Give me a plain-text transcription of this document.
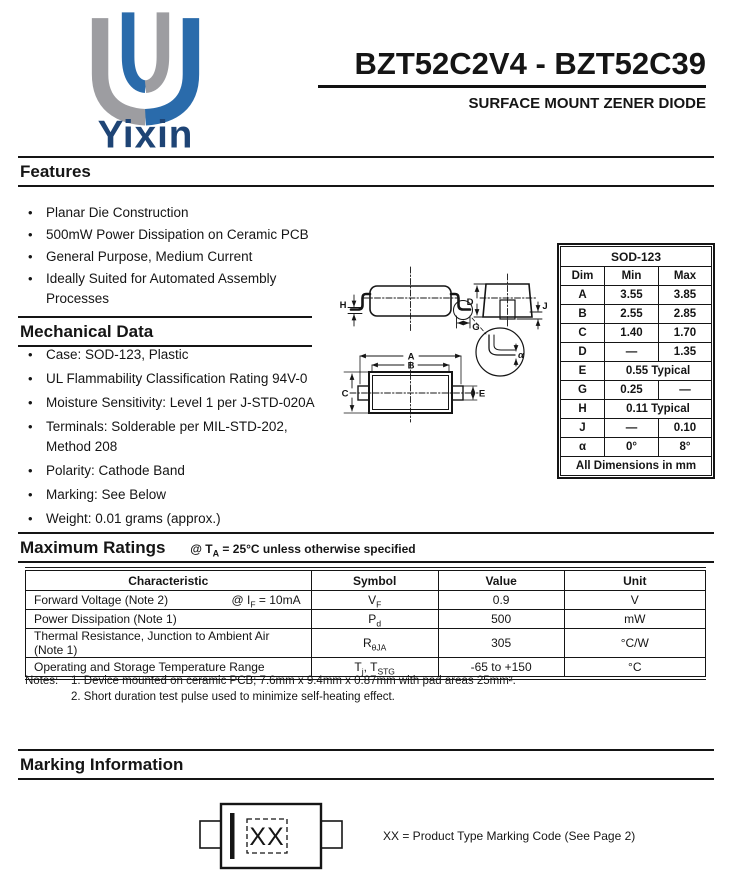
Yixin
BZT52C2V4 - BZT52C39
SURFACE MOUNT ZENER DIODE
Features
• Planar Die Construction
• 500mW Power Dissipation on Ceramic PCB
• General Purpose, Medium Current
• Ideally Suited for Automated Assembly Processes
Mechanical Data
• Case: SOD-123, Plastic
• UL Flammability Classification Rating 94V-0
• Moisture Sensitivity: Level 1 per J-STD-020A
• Terminals: Solderable per MIL-STD-202, Method 208
• Polarity: Cathode Band
• Marking: See Below
• Weight: 0.01 grams (approx.)
H
G
D	J
α
A
B
C	E
SOD-123		
Dim	Min	Max
A	3.55	3.85
B	2.55	2.85
C	1.40	1.70
D	—	1.35
E	0.55 Typical	
G	0.25	—
H	0.11 Typical	
J	—	0.10
α	0°	8°
All Dimensions in mm		
Maximum Ratings @ $T_A = 25^\circ C$ unless otherwise specified
Characteristic	Symbol	Value	Unit

Forward Voltage (Note 2) @ $I_F = 10mA$	$V_F$	0.9	V

Power Dissipation (Note 1)	$P_d$	500	mW

Thermal Resistance, Junction to Ambient Air (Note 1)	$R_{\theta JA}$	305	°C/W

Operating and Storage Temperature Range	$T_j$, $T_{STG}$	-65 to +150	°C
Notes:	1. Device mounted on ceramic PCB; 7.6mm x 9.4mm x 0.87mm with pad areas 25mm².
2. Short duration test pulse used to minimize self-heating effect.
Marking Information
XX	XX = Product Type Marking Code (See Page 2)
